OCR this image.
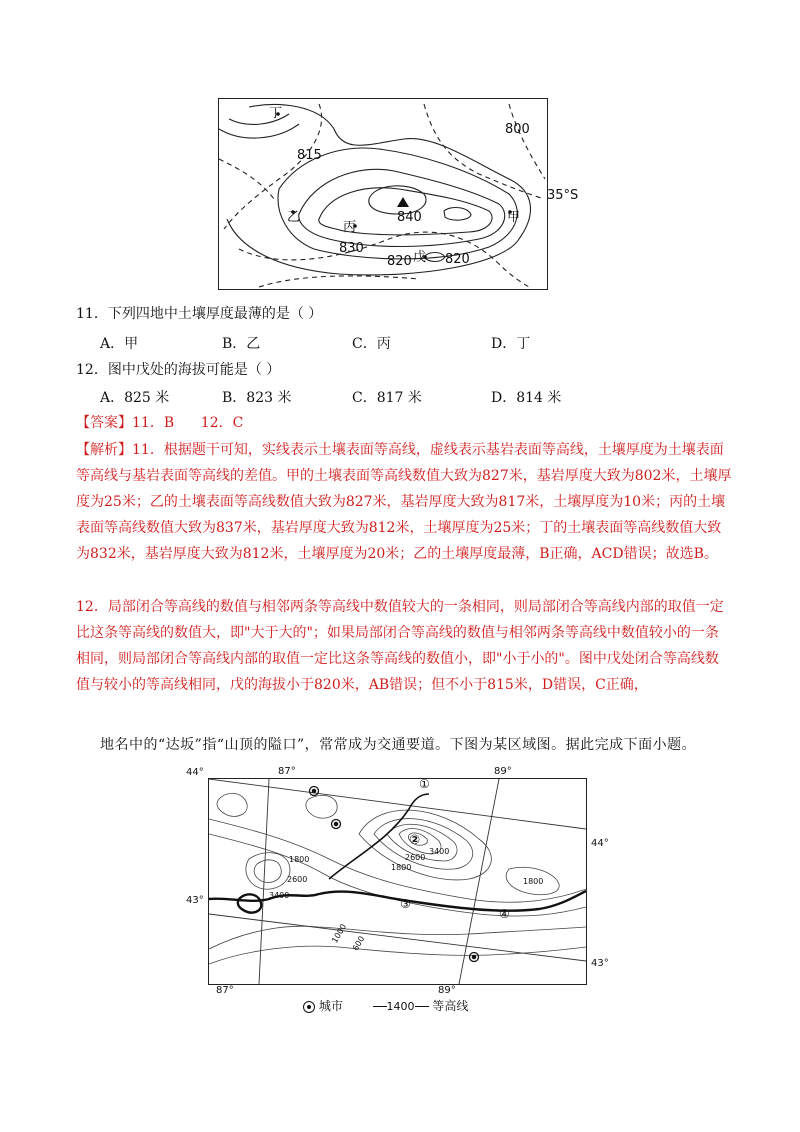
丁
815
800
乙	840	甲
丙
830
820 戊 820
35°S
11．下列四地中土壤厚度最薄的是（ ）
A．甲	B．乙	C．丙	D．丁
12．图中戊处的海拔可能是（ ）
A．825 米	B．823 米	C．817 米	D．814 米
【答案】11．B      12．C
【解析】11．根据题干可知，实线表示土壤表面等高线，虚线表示基岩表面等高线，土壤厚度为土壤表面等高线与基岩表面等高线的差值。甲的土壤表面等高线数值大致为827米，基岩厚度大致为802米，土壤厚度为25米；乙的土壤表面等高线数值大致为827米，基岩厚度大致为817米，土壤厚度为10米；丙的土壤表面等高线数值大致为837米，基岩厚度大致为812米，土壤厚度为25米；丁的土壤表面等高线数值大致为832米，基岩厚度大致为812米，土壤厚度为20米；乙的土壤厚度最薄，B正确，ACD错误；故选B。
12．局部闭合等高线的数值与相邻两条等高线中数值较大的一条相同，则局部闭合等高线内部的取值一定比这条等高线的数值大，即"大于大的"；如果局部闭合等高线的数值与相邻两条等高线中数值较小的一条相同，则局部闭合等高线内部的取值一定比这条等高线的数值小，即"小于小的"。图中戊处闭合等高线数值与较小的等高线相同，戊的海拔小于820米，AB错误；但不小于815米，D错误，C正确，
地名中的“达坂”指“山顶的隘口”，常常成为交通要道。下图为某区域图。据此完成下面小题。
①
②
③
④
1800
2600
3400
3400
2600
1800
1800
1000 600
87°	89°
44°
44°
43°
43°
87°	89°
城市	1400 等高线
